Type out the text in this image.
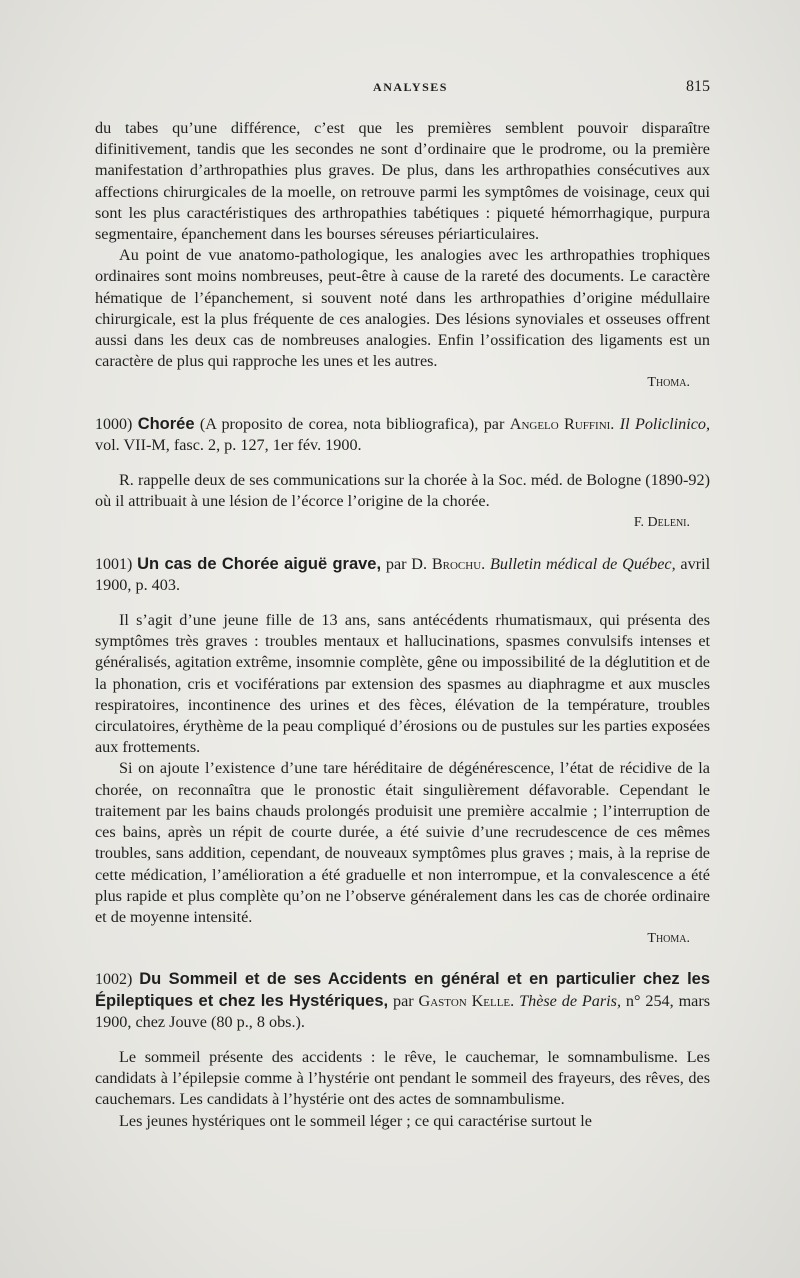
ANALYSES	815

du tabes qu’une différence, c’est que les premières semblent pouvoir disparaître difinitivement, tandis que les secondes ne sont d’ordinaire que le prodrome, ou la première manifestation d’arthropathies plus graves. De plus, dans les arthropathies consécutives aux affections chirurgicales de la moelle, on retrouve parmi les symptômes de voisinage, ceux qui sont les plus caractéristiques des arthropathies tabétiques : piqueté hémorrhagique, purpura segmentaire, épanchement dans les bourses séreuses périarticulaires.

Au point de vue anatomo-pathologique, les analogies avec les arthropathies trophiques ordinaires sont moins nombreuses, peut-être à cause de la rareté des documents. Le caractère hématique de l’épanchement, si souvent noté dans les arthropathies d’origine médullaire chirurgicale, est la plus fréquente de ces analogies. Des lésions synoviales et osseuses offrent aussi dans les deux cas de nombreuses analogies. Enfin l’ossification des ligaments est un caractère de plus qui rapproche les unes et les autres.

Thoma.

1000) Chorée (A proposito de corea, nota bibliografica), par Angelo Ruffini. Il Policlinico, vol. VII-M, fasc. 2, p. 127, 1er fév. 1900.

R. rappelle deux de ses communications sur la chorée à la Soc. méd. de Bologne (1890-92) où il attribuait à une lésion de l’écorce l’origine de la chorée.

F. Deleni.

1001) Un cas de Chorée aiguë grave, par D. Brochu. Bulletin médical de Québec, avril 1900, p. 403.

Il s’agit d’une jeune fille de 13 ans, sans antécédents rhumatismaux, qui présenta des symptômes très graves : troubles mentaux et hallucinations, spasmes convulsifs intenses et généralisés, agitation extrême, insomnie complète, gêne ou impossibilité de la déglutition et de la phonation, cris et vociférations par extension des spasmes au diaphragme et aux muscles respiratoires, incontinence des urines et des fèces, élévation de la température, troubles circulatoires, érythème de la peau compliqué d’érosions ou de pustules sur les parties exposées aux frottements.

Si on ajoute l’existence d’une tare héréditaire de dégénérescence, l’état de récidive de la chorée, on reconnaîtra que le pronostic était singulièrement défavorable. Cependant le traitement par les bains chauds prolongés produisit une première accalmie ; l’interruption de ces bains, après un répit de courte durée, a été suivie d’une recrudescence de ces mêmes troubles, sans addition, cependant, de nouveaux symptômes plus graves ; mais, à la reprise de cette médication, l’amélioration a été graduelle et non interrompue, et la convalescence a été plus rapide et plus complète qu’on ne l’observe généralement dans les cas de chorée ordinaire et de moyenne intensité.

Thoma.

1002) Du Sommeil et de ses Accidents en général et en particulier chez les Épileptiques et chez les Hystériques, par Gaston Kelle. Thèse de Paris, n° 254, mars 1900, chez Jouve (80 p., 8 obs.).

Le sommeil présente des accidents : le rêve, le cauchemar, le somnambulisme. Les candidats à l’épilepsie comme à l’hystérie ont pendant le sommeil des frayeurs, des rêves, des cauchemars. Les candidats à l’hystérie ont des actes de somnambulisme.

Les jeunes hystériques ont le sommeil léger ; ce qui caractérise surtout le
